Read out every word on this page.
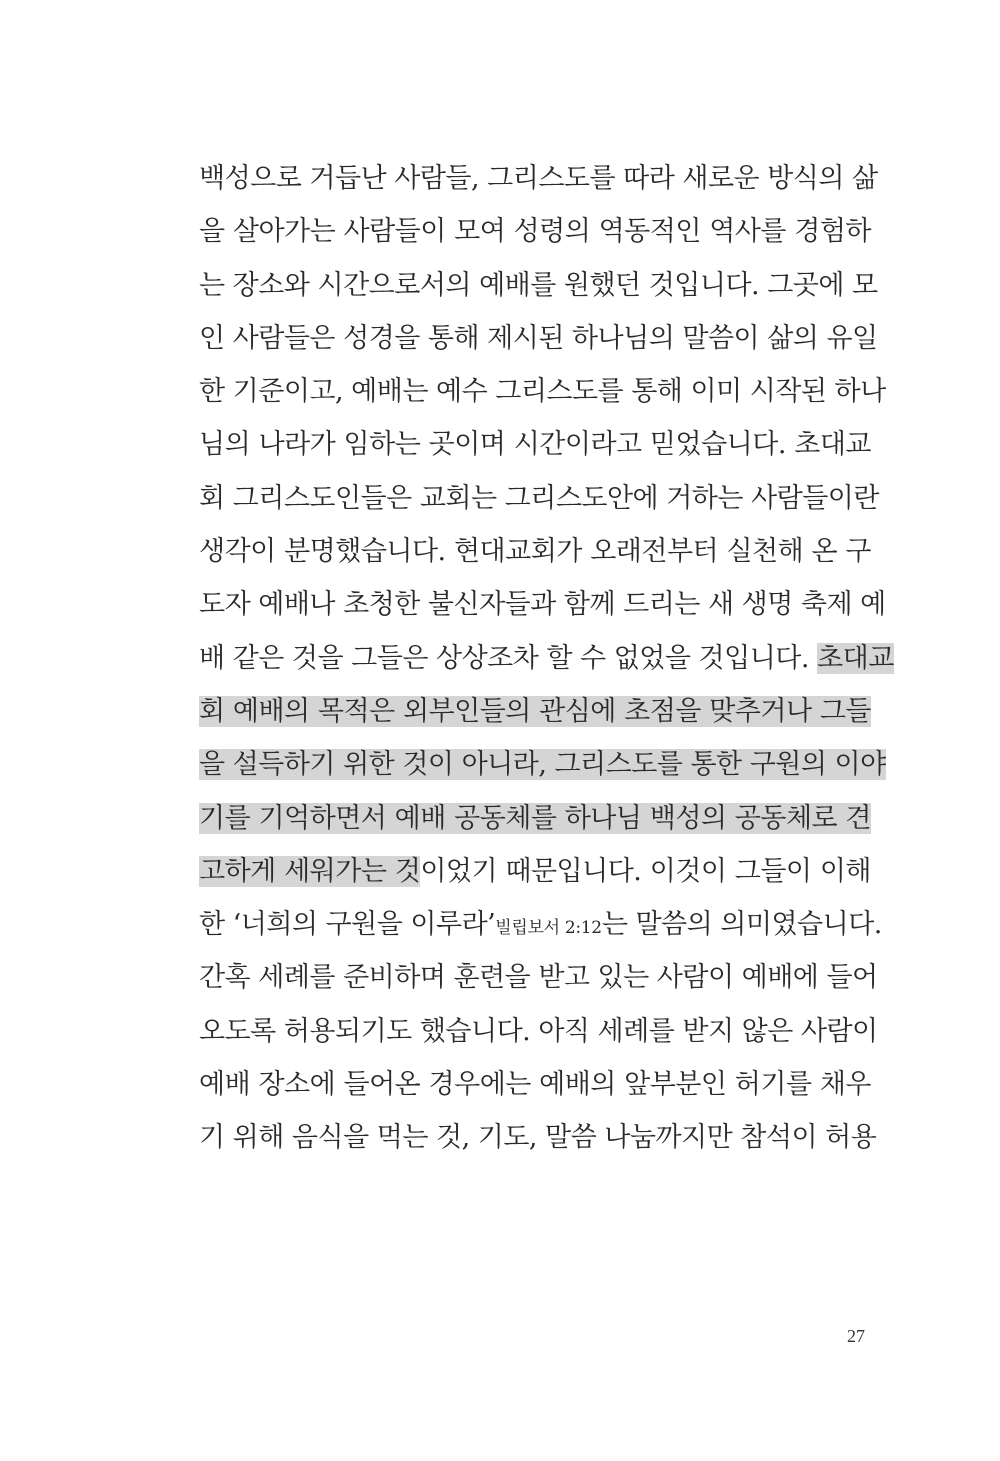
백성으로 거듭난 사람들, 그리스도를 따라 새로운 방식의 삶
을 살아가는 사람들이 모여 성령의 역동적인 역사를 경험하
는 장소와 시간으로서의 예배를 원했던 것입니다. 그곳에 모
인 사람들은 성경을 통해 제시된 하나님의 말씀이 삶의 유일
한 기준이고, 예배는 예수 그리스도를 통해 이미 시작된 하나
님의 나라가 임하는 곳이며 시간이라고 믿었습니다. 초대교
회 그리스도인들은 교회는 그리스도안에 거하는 사람들이란
생각이 분명했습니다. 현대교회가 오래전부터 실천해 온 구
도자 예배나 초청한 불신자들과 함께 드리는 새 생명 축제 예
배 같은 것을 그들은 상상조차 할 수 없었을 것입니다. 초대교
회 예배의 목적은 외부인들의 관심에 초점을 맞추거나 그들
을 설득하기 위한 것이 아니라, 그리스도를 통한 구원의 이야
기를 기억하면서 예배 공동체를 하나님 백성의 공동체로 견
고하게 세워가는 것이었기 때문입니다. 이것이 그들이 이해
한 ‘너희의 구원을 이루라’빌립보서 2:12는 말씀의 의미였습니다.
간혹 세례를 준비하며 훈련을 받고 있는 사람이 예배에 들어
오도록 허용되기도 했습니다. 아직 세례를 받지 않은 사람이
예배 장소에 들어온 경우에는 예배의 앞부분인 허기를 채우
기 위해 음식을 먹는 것, 기도, 말씀 나눔까지만 참석이 허용
27
